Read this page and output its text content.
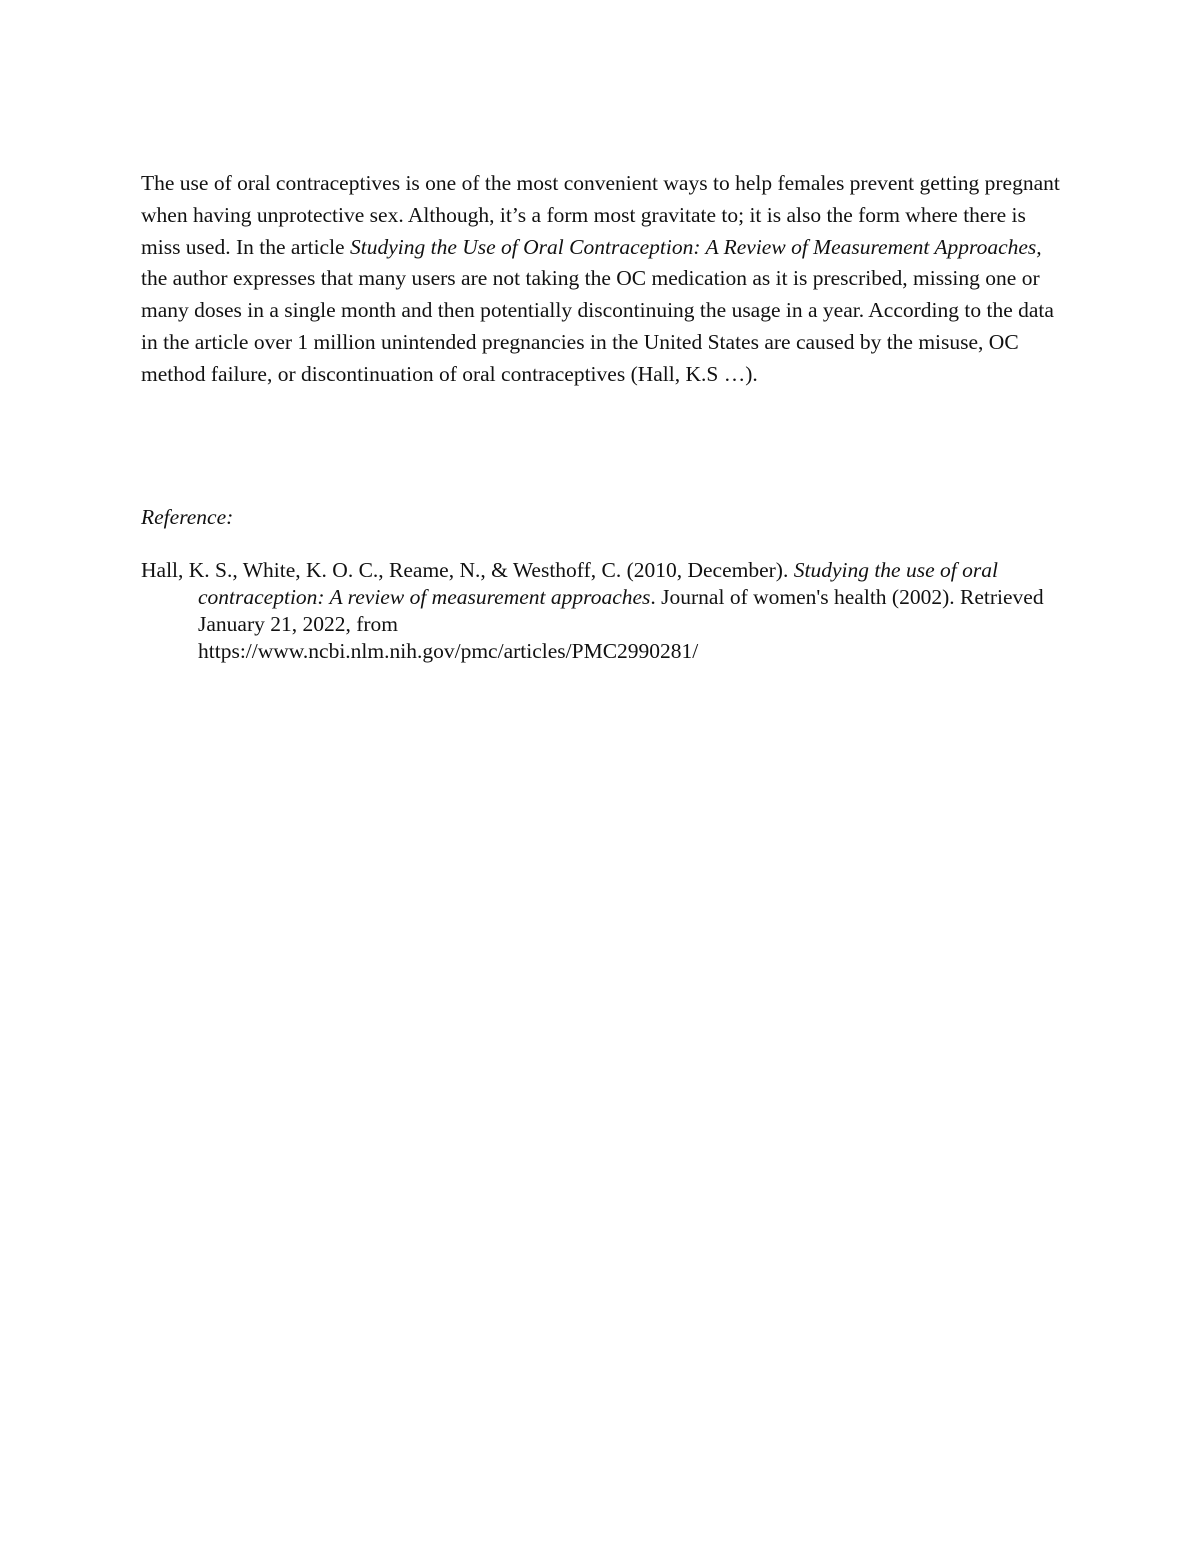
The use of oral contraceptives is one of the most convenient ways to help females prevent getting pregnant when having unprotective sex. Although, it’s a form most gravitate to; it is also the form where there is miss used. In the article Studying the Use of Oral Contraception: A Review of Measurement Approaches, the author expresses that many users are not taking the OC medication as it is prescribed, missing one or many doses in a single month and then potentially discontinuing the usage in a year. According to the data in the article over 1 million unintended pregnancies in the United States are caused by the misuse, OC method failure, or discontinuation of oral contraceptives (Hall, K.S …).

Reference:

Hall, K. S., White, K. O. C., Reame, N., & Westhoff, C. (2010, December). Studying the use of oral contraception: A review of measurement approaches. Journal of women's health (2002). Retrieved January 21, 2022, from
https://www.ncbi.nlm.nih.gov/pmc/articles/PMC2990281/
